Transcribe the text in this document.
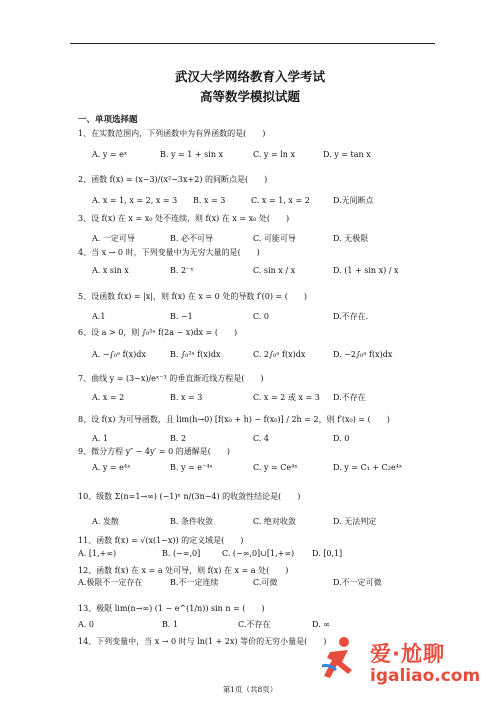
武汉大学网络教育入学考试
高等数学模拟试题
一、单项选择题
1、在实数范围内，下列函数中为有界函数的是(　　)
A. y = eˣ	B. y = 1 + sin x	C. y = ln x	D. y = tan x
2、函数 f(x) = (x−3)/(x²−3x+2) 的间断点是(　　)
A. x = 1, x = 2, x = 3 B. x = 3	C. x = 1, x = 2	D.无间断点
3、设 f(x) 在 x = x₀ 处不连续，则 f(x) 在 x = x₀ 处(　　)
A. 一定可导	B. 必不可导	C. 可能可导	D. 无极限
4、当 x → 0 时，下列变量中为无穷大量的是(　　)
A. x sin x	B. 2⁻ˣ	C. sin x / x	D. (1 + sin x) / x
5、设函数 f(x) = |x|，则 f(x) 在 x = 0 处的导数 f′(0) = (　　)
A.1	B. −1	C. 0	D.不存在.
6、设 a > 0，则 ∫₀²ᵃ f(2a − x)dx = (　　)
A. −∫₀ᵃ f(x)dx	B. ∫₀²ᵃ f(x)dx	C. 2∫₀ᵃ f(x)dx	D. −2∫₀ᵃ f(x)dx
7、曲线 y = (3−x)/eˣ⁻³ 的垂直渐近线方程是(　　)
A. x = 2	B. x = 3	C. x = 2 或 x = 3 D.不存在
8、设 f(x) 为可导函数，且 lim(h→0) [f(x₀ + h) − f(x₀)] / 2h = 2，则 f′(x₀) = (　　)
A. 1	B. 2	C. 4	D. 0
9、微分方程 y″ − 4y′ = 0 的通解是(　　)
A. y = e⁴ˣ	B. y = e⁻⁴ˣ	C. y = Ce⁴ˣ	D. y = C₁ + C₂e⁴ˣ
10、级数 Σ(n=1→∞) (−1)ⁿ n/(3n−4) 的收敛性结论是(　　)
A. 发散	B. 条件收敛	C. 绝对收敛	D. 无法判定
11、函数 f(x) = √(x(1−x)) 的定义域是(　　)
A. [1,+∞)	B. (−∞,0]	C. (−∞,0]∪[1,+∞) D. [0,1]
12、函数 f(x) 在 x = a 处可导，则 f(x) 在 x = a 处(　　)
A.极限不一定存在	B.不一定连续	C.可微	D.不一定可微
13、极限 lim(n→∞) (1 − e^(1/n)) sin n = (　　)
A. 0	B. 1	C.不存在	D. ∞
14、下列变量中，当 x → 0 时与 ln(1 + 2x) 等价的无穷小量是(　　)
第1页（共8页）
爱·尬聊
igaliao.com
